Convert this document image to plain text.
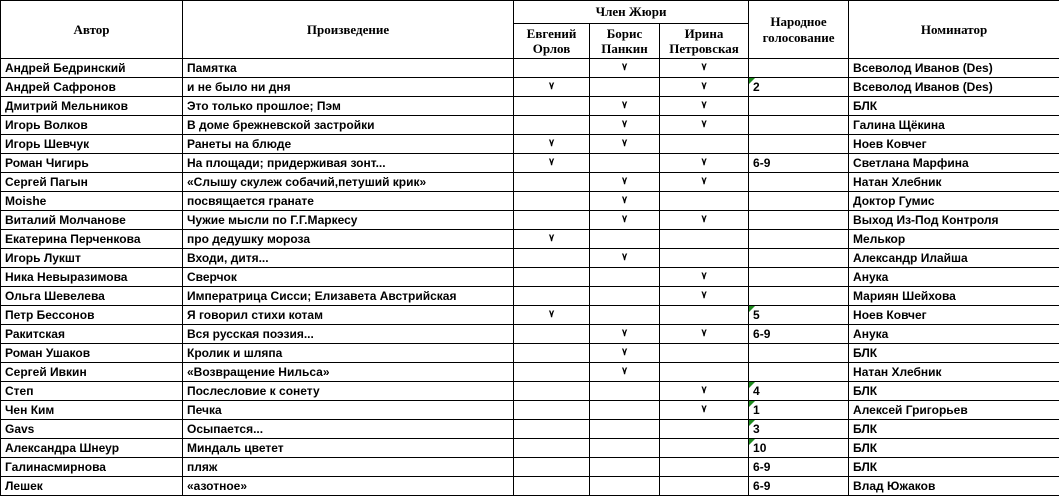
Автор	Произведение	Член Жюри			Народное голосование	Номинатор
		Евгений Орлов	Борис Панкин	Ирина Петровская		
Андрей Бедринский	Памятка		٧	٧		Всеволод Иванов (Des)
Андрей Сафронов	и не было ни дня	٧		٧	2	Всеволод Иванов (Des)
Дмитрий Мельников	Это только прошлое; Пэм		٧	٧		БЛК
Игорь Волков	В доме брежневской застройки		٧	٧		Галина Щёкина
Игорь Шевчук	Ранеты на блюде	٧	٧			Ноев Ковчег
Роман Чигирь	На площади; придерживая зонт...	٧		٧	6-9	Светлана Марфина
Сергей Пагын	«Слышу скулеж собачий,петуший крик»		٧	٧		Натан Хлебник
Moishe	посвящается гранате		٧			Доктор Гумис
Виталий Молчанове	Чужие мысли по Г.Г.Маркесу		٧	٧		Выход Из-Под Контроля
Екатерина Перченкова	про дедушку мороза	٧				Мелькор
Игорь Лукшт	Входи, дитя...		٧			Александр Илайша
Ника Невыразимова	Сверчок			٧		Анука
Ольга Шевелева	Императрица Сисси; Елизавета Австрийская			٧		Мариян Шейхова
Петр Бессонов	Я говорил стихи котам	٧			5	Ноев Ковчег
Ракитская	Вся русская поэзия...		٧	٧	6-9	Анука
Роман Ушаков	Кролик и шляпа		٧			БЛК
Сергей Ивкин	«Возвращение Нильса»		٧			Натан Хлебник
Степ	Послесловие к сонету			٧	4	БЛК
Чен Ким	Печка			٧	1	Алексей Григорьев
Gavs	Осыпается...				3	БЛК
Александра Шнеур	Миндаль цветет				10	БЛК
Галинасмирнова	пляж				6-9	БЛК
Лешек	«азотное»				6-9	Влад Южаков
